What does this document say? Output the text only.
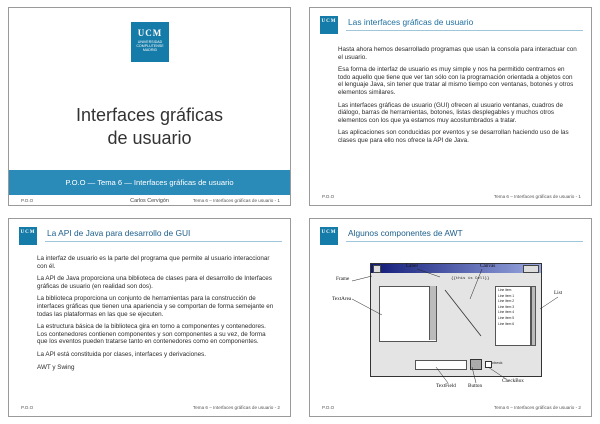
UCM
UNIVERSIDAD
COMPLUTENSE
MADRID
Interfaces gráficas
de usuario
P.O.O — Tema 6 — Interfaces gráficas de usuario
Carlos Cervigón
P.O.O	Tema 6 – Interfaces gráficas de usuario - 1
UCM Las interfaces gráficas de usuario

Hasta ahora hemos desarrollado programas que usan la consola para interactuar con el usuario.

Esa forma de interfaz de usuario es muy simple y nos ha permitido centrarnos en todo aquello que tiene que ver tan sólo con la programación orientada a objetos con el lenguaje Java, sin tener que tratar al mismo tiempo con ventanas, botones y otros elementos similares.

Las interfaces gráficas de usuario (GUI) ofrecen al usuario ventanas, cuadros de diálogo, barras de herramientas, botones, listas desplegables y muchos otros elementos con los que ya estamos muy acostumbrados a tratar.

Las aplicaciones son conducidas por eventos y se desarrollan haciendo uso de las clases que para ello nos ofrece la API de Java.

P.O.O	Tema 6 – Interfaces gráficas de usuario - 1
UCM La API de Java para desarrollo de GUI

La interfaz de usuario es la parte del programa que permite al usuario interaccionar con él.

La API de Java proporciona una biblioteca de clases para el desarrollo de Interfaces gráficas de usuario (en realidad son dos).

La biblioteca proporciona un conjunto de herramientas para la construcción de interfaces gráficas que tienen una apariencia y se comportan de forma semejante en todas las plataformas en las que se ejecuten.

La estructura básica de la biblioteca gira en torno a componentes y contenedores. Los contenedores contienen componentes y son componentes a su vez, de forma que los eventos pueden tratarse tanto en contenedores como en componentes.

La API está constituida por clases, interfaces y derivaciones.

AWT y Swing

P.O.O	Tema 6 – Interfaces gráficas de usuario - 2
UCM Algunos componentes de AWT
{{this is Cell}}
Line item
Line item 1
Line item 2
Line item 3
Line item 4
Line item 5
Line item 6
check
Frame
Label	Canvas
TextArea
List
TextField Button
CheckBox
P.O.O	Tema 6 – Interfaces gráficas de usuario - 2
